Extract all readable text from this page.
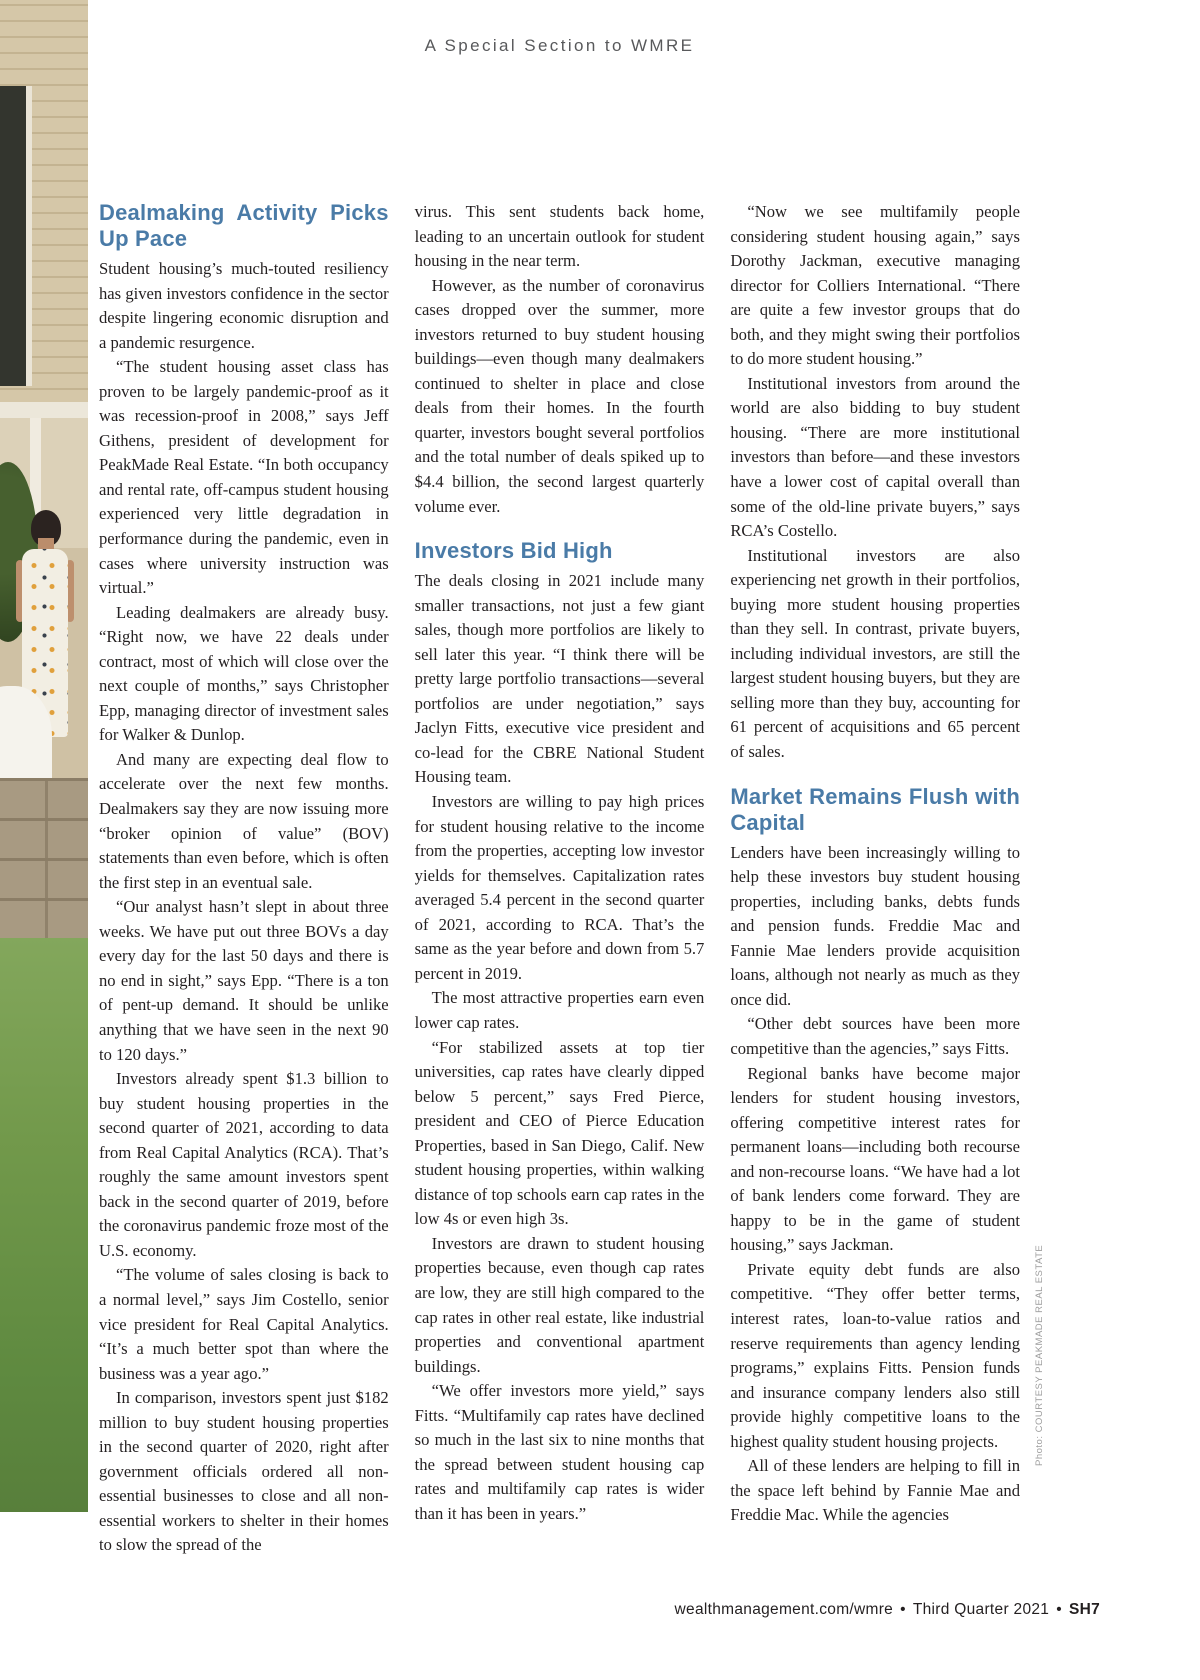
A Special Section to WMRE
Dealmaking Activity Picks Up Pace

Student housing’s much-touted resiliency has given investors confidence in the sector despite lingering economic disruption and a pandemic resurgence.

“The student housing asset class has proven to be largely pandemic-proof as it was recession-proof in 2008,” says Jeff Githens, president of development for PeakMade Real Estate. “In both occupancy and rental rate, off-campus student housing experienced very little degradation in performance during the pandemic, even in cases where university instruction was virtual.”

Leading dealmakers are already busy. “Right now, we have 22 deals under contract, most of which will close over the next couple of months,” says Christopher Epp, managing director of investment sales for Walker & Dunlop.

And many are expecting deal flow to accelerate over the next few months. Dealmakers say they are now issuing more “broker opinion of value” (BOV) statements than even before, which is often the first step in an eventual sale.

“Our analyst hasn’t slept in about three weeks. We have put out three BOVs a day every day for the last 50 days and there is no end in sight,” says Epp. “There is a ton of pent-up demand. It should be unlike anything that we have seen in the next 90 to 120 days.”

Investors already spent $1.3 billion to buy student housing properties in the second quarter of 2021, according to data from Real Capital Analytics (RCA). That’s roughly the same amount investors spent back in the second quarter of 2019, before the coronavirus pandemic froze most of the U.S. economy.

“The volume of sales closing is back to a normal level,” says Jim Costello, senior vice president for Real Capital Analytics. “It’s a much better spot than where the business was a year ago.”

In comparison, investors spent just $182 million to buy student housing properties in the second quarter of 2020, right after government officials ordered all non-essential businesses to close and all non-essential workers to shelter in their homes to slow the spread of the

virus. This sent students back home, leading to an uncertain outlook for student housing in the near term.

However, as the number of coronavirus cases dropped over the summer, more investors returned to buy student housing buildings—even though many dealmakers continued to shelter in place and close deals from their homes. In the fourth quarter, investors bought several portfolios and the total number of deals spiked up to $4.4 billion, the second largest quarterly volume ever.

Investors Bid High

The deals closing in 2021 include many smaller transactions, not just a few giant sales, though more portfolios are likely to sell later this year. “I think there will be pretty large portfolio transactions—several portfolios are under negotiation,” says Jaclyn Fitts, executive vice president and co-lead for the CBRE National Student Housing team.

Investors are willing to pay high prices for student housing relative to the income from the properties, accepting low investor yields for themselves. Capitalization rates averaged 5.4 percent in the second quarter of 2021, according to RCA. That’s the same as the year before and down from 5.7 percent in 2019.

The most attractive properties earn even lower cap rates.

“For stabilized assets at top tier universities, cap rates have clearly dipped below 5 percent,” says Fred Pierce, president and CEO of Pierce Education Properties, based in San Diego, Calif. New student housing properties, within walking distance of top schools earn cap rates in the low 4s or even high 3s.

Investors are drawn to student housing properties because, even though cap rates are low, they are still high compared to the cap rates in other real estate, like industrial properties and conventional apartment buildings.

“We offer investors more yield,” says Fitts. “Multifamily cap rates have declined so much in the last six to nine months that the spread between student housing cap rates and multifamily cap rates is wider than it has been in years.”

“Now we see multifamily people considering student housing again,” says Dorothy Jackman, executive managing director for Colliers International. “There are quite a few investor groups that do both, and they might swing their portfolios to do more student housing.”

Institutional investors from around the world are also bidding to buy student housing. “There are more institutional investors than before—and these investors have a lower cost of capital overall than some of the old-line private buyers,” says RCA’s Costello.

Institutional investors are also experiencing net growth in their portfolios, buying more student housing properties than they sell. In contrast, private buyers, including individual investors, are still the largest student housing buyers, but they are selling more than they buy, accounting for 61 percent of acquisitions and 65 percent of sales.

Market Remains Flush with Capital

Lenders have been increasingly willing to help these investors buy student housing properties, including banks, debts funds and pension funds. Freddie Mac and Fannie Mae lenders provide acquisition loans, although not nearly as much as they once did.

“Other debt sources have been more competitive than the agencies,” says Fitts.

Regional banks have become major lenders for student housing investors, offering competitive interest rates for permanent loans—including both recourse and non-recourse loans. “We have had a lot of bank lenders come forward. They are happy to be in the game of student housing,” says Jackman.

Private equity debt funds are also competitive. “They offer better terms, interest rates, loan-to-value ratios and reserve requirements than agency lending programs,” explains Fitts. Pension funds and insurance company lenders also still provide highly competitive loans to the highest quality student housing projects.

All of these lenders are helping to fill in the space left behind by Fannie Mae and Freddie Mac. While the agencies

Photo: COURTESY PEAKMADE REAL ESTATE
wealthmanagement.com/wmre • Third Quarter 2021 • SH7
